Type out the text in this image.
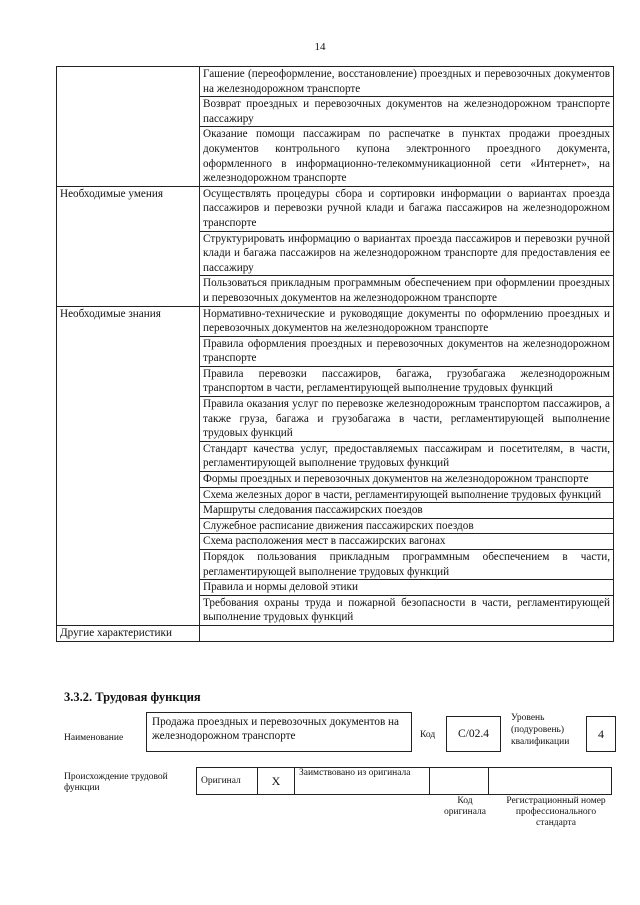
14
	Гашение (переоформление, восстановление) проездных и перевозочных документов на железнодорожном транспорте
	Возврат проездных и перевозочных документов на железнодорожном транспорте пассажиру
	Оказание помощи пассажирам по распечатке в пунктах продажи проездных документов контрольного купона электронного проездного документа, оформленного в информационно-телекоммуникационной сети «Интернет», на железнодорожном транспорте
Необходимые умения	Осуществлять процедуры сбора и сортировки информации о вариантах проезда пассажиров и перевозки ручной клади и багажа пассажиров на железнодорожном транспорте
	Структурировать информацию о вариантах проезда пассажиров и перевозки ручной клади и багажа пассажиров на железнодорожном транспорте для предоставления ее пассажиру
	Пользоваться прикладным программным обеспечением при оформлении проездных и перевозочных документов на железнодорожном транспорте
Необходимые знания	Нормативно-технические и руководящие документы по оформлению проездных и перевозочных документов на железнодорожном транспорте
	Правила оформления проездных и перевозочных документов на железнодорожном транспорте
	Правила перевозки пассажиров, багажа, грузобагажа железнодорожным транспортом в части, регламентирующей выполнение трудовых функций
	Правила оказания услуг по перевозке железнодорожным транспортом пассажиров, а также груза, багажа и грузобагажа в части, регламентирующей выполнение трудовых функций
	Стандарт качества услуг, предоставляемых пассажирам и посетителям, в части, регламентирующей выполнение трудовых функций
	Формы проездных и перевозочных документов на железнодорожном транспорте
	Схема железных дорог в части, регламентирующей выполнение трудовых функций
	Маршруты следования пассажирских поездов
	Служебное расписание движения пассажирских поездов
	Схема расположения мест в пассажирских вагонах
	Порядок пользования прикладным программным обеспечением в части, регламентирующей выполнение трудовых функций
	Правила и нормы деловой этики
	Требования охраны труда и пожарной безопасности в части, регламентирующей выполнение трудовых функций
Другие характеристики	
3.3.2. Трудовая функция
Наименование
Продажа проездных и перевозочных документов на железнодорожном транспорте	Код	С/02.4
Уровень (подуровень) квалификации
4
Происхождение трудовой функции
Оригинал	Х	Заимствовано из оригинала		
Код оригинала
Регистрационный номер профессионального стандарта
